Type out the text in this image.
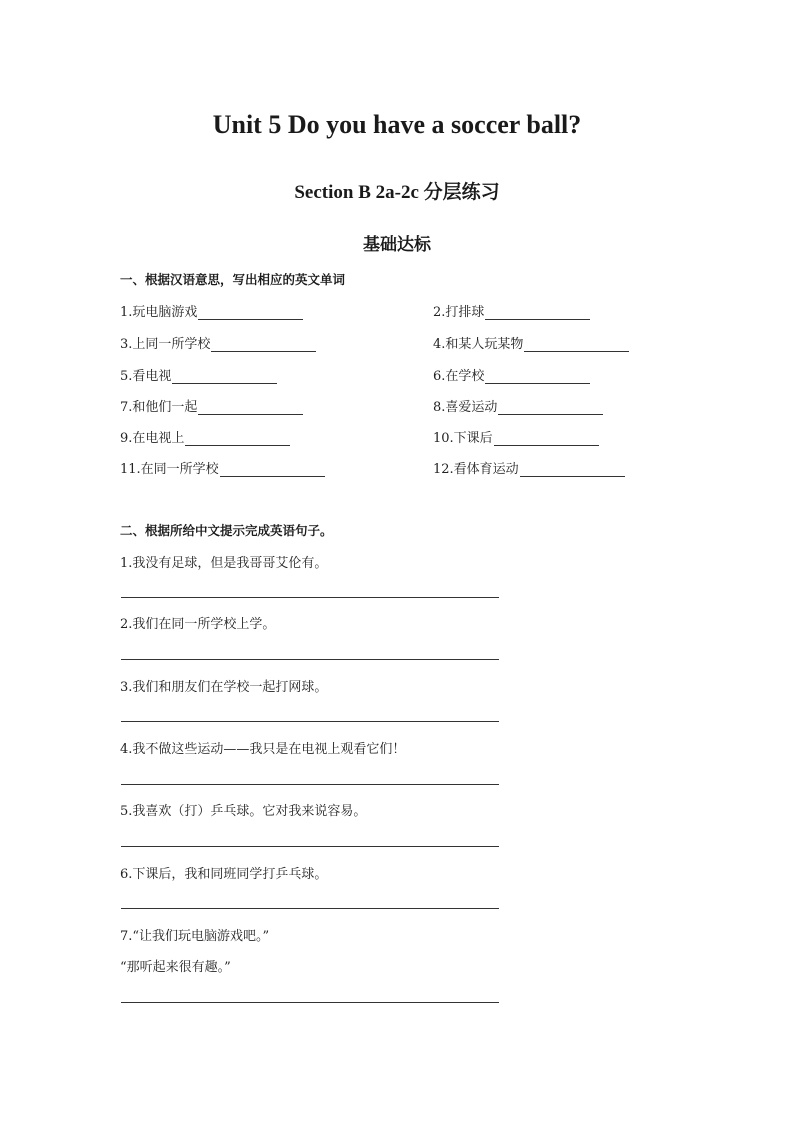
Unit 5 Do you have a soccer ball?
Section B 2a-2c 分层练习
基础达标
一、根据汉语意思，写出相应的英文单词
1.玩电脑游戏	2.打排球
3.上同一所学校	4.和某人玩某物
5.看电视	6.在学校
7.和他们一起	8.喜爱运动
9.在电视上	10.下课后
11.在同一所学校	12.看体育运动
二、根据所给中文提示完成英语句子。
1.我没有足球，但是我哥哥艾伦有。
2.我们在同一所学校上学。
3.我们和朋友们在学校一起打网球。
4.我不做这些运动——我只是在电视上观看它们！
5.我喜欢（打）乒乓球。它对我来说容易。
6.下课后，我和同班同学打乒乓球。
7.“让我们玩电脑游戏吧。”
“那听起来很有趣。”
